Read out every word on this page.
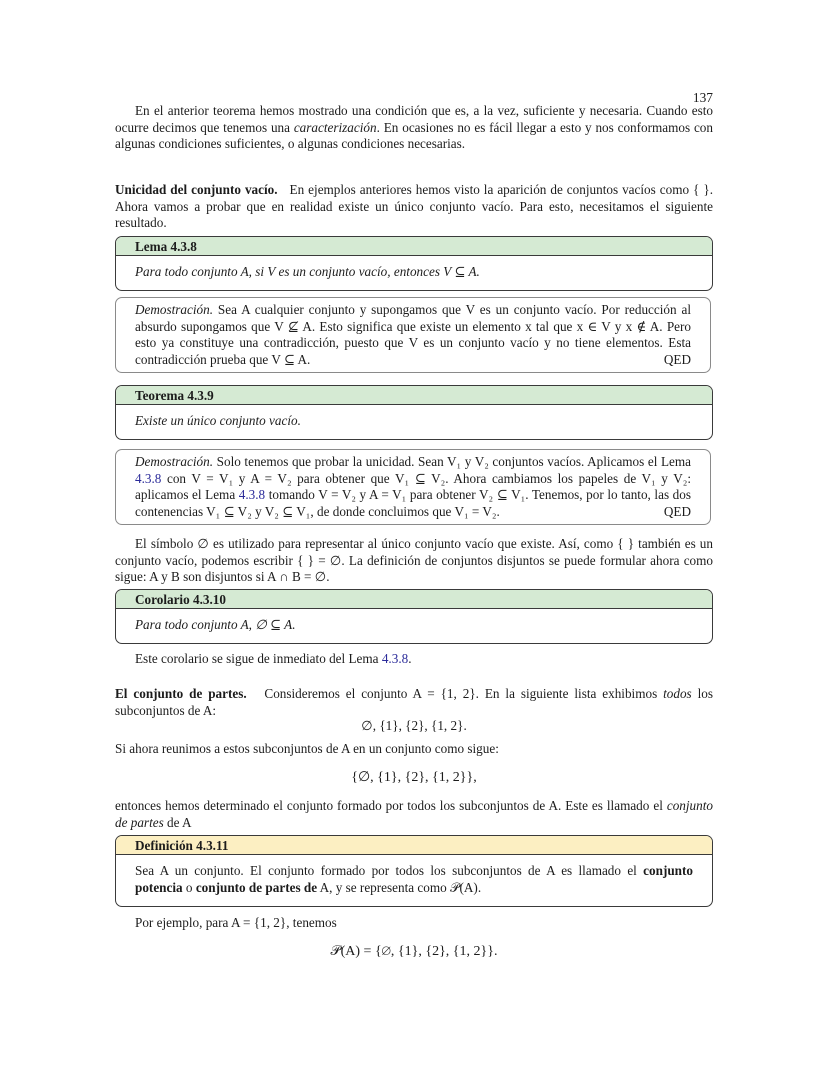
137

En el anterior teorema hemos mostrado una condición que es, a la vez, suficiente y necesaria. Cuando esto ocurre decimos que tenemos una caracterización. En ocasiones no es fácil llegar a esto y nos conformamos con algunas condiciones suficientes, o algunas condiciones necesarias.

Unicidad del conjunto vacío. En ejemplos anteriores hemos visto la aparición de conjuntos vacíos como { }. Ahora vamos a probar que en realidad existe un único conjunto vacío. Para esto, necesitamos el siguiente resultado.

Lema 4.3.8
Para todo conjunto A, si V es un conjunto vacío, entonces V ⊆ A.
Demostración. Sea A cualquier conjunto y supongamos que V es un conjunto vacío. Por reducción al absurdo supongamos que V ⊈ A. Esto significa que existe un elemento x tal que x ∈ V y x ∉ A. Pero esto ya constituye una contradicción, puesto que V es un conjunto vacío y no tiene elementos. Esta contradicción prueba que V ⊆ A.	QED
Teorema 4.3.9
Existe un único conjunto vacío.
Demostración. Solo tenemos que probar la unicidad. Sean V₁ y V₂ conjuntos vacíos. Aplicamos el Lema 4.3.8 con V = V₁ y A = V₂ para obtener que V₁ ⊆ V₂. Ahora cambiamos los papeles de V₁ y V₂: aplicamos el Lema 4.3.8 tomando V = V₂ y A = V₁ para obtener V₂ ⊆ V₁. Tenemos, por lo tanto, las dos contenencias V₁ ⊆ V₂ y V₂ ⊆ V₁, de donde concluimos que V₁ = V₂.	QED

El símbolo ∅ es utilizado para representar al único conjunto vacío que existe. Así, como { } también es un conjunto vacío, podemos escribir { } = ∅. La definición de conjuntos disjuntos se puede formular ahora como sigue: A y B son disjuntos si A ∩ B = ∅.

Corolario 4.3.10
Para todo conjunto A, ∅ ⊆ A.

Este corolario se sigue de inmediato del Lema 4.3.8.

El conjunto de partes. Consideremos el conjunto A = {1, 2}. En la siguiente lista exhibimos todos los subconjuntos de A:

∅, {1}, {2}, {1, 2}.

Si ahora reunimos a estos subconjuntos de A en un conjunto como sigue:

{∅, {1}, {2}, {1, 2}},

entonces hemos determinado el conjunto formado por todos los subconjuntos de A. Este es llamado el conjunto de partes de A

Definición 4.3.11
Sea A un conjunto. El conjunto formado por todos los subconjuntos de A es llamado el conjunto potencia o conjunto de partes de A, y se representa como 𝒫(A).

Por ejemplo, para A = {1, 2}, tenemos

𝒫(A) = {∅, {1}, {2}, {1, 2}}.
